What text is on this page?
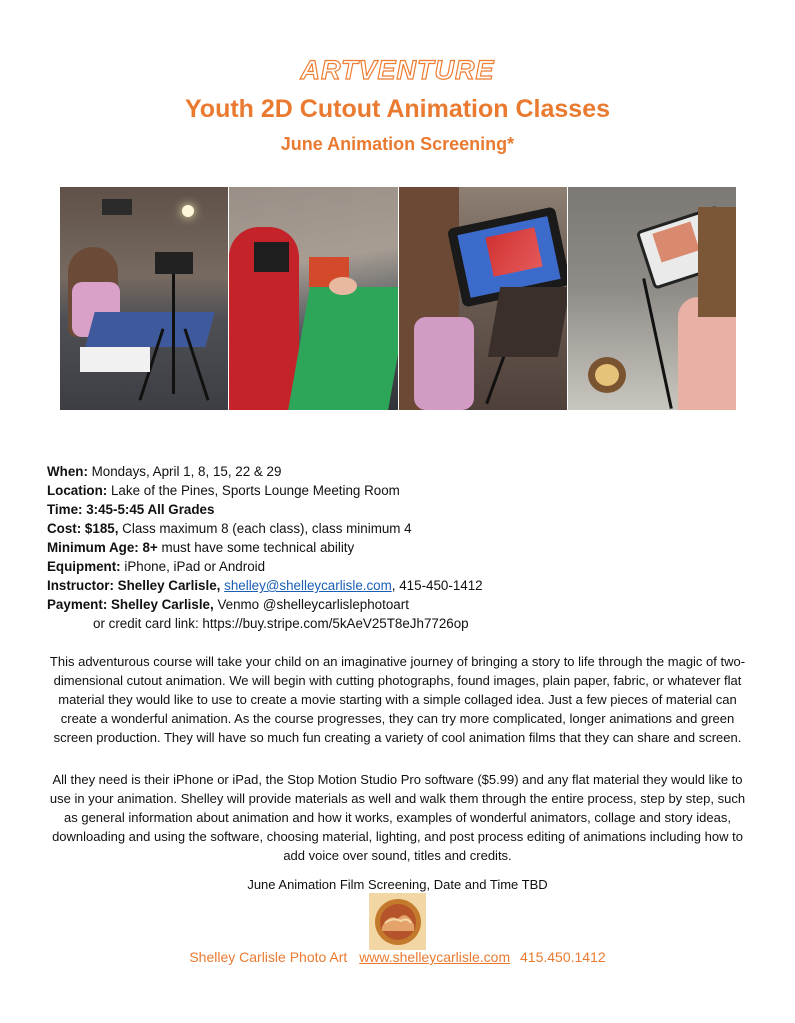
ARTVENTURE
Youth 2D Cutout Animation Classes
June Animation Screening*
When: Mondays, April 1, 8, 15, 22 & 29
Location: Lake of the Pines, Sports Lounge Meeting Room
Time: 3:45-5:45 All Grades
Cost: $185, Class maximum 8 (each class), class minimum 4
Minimum Age: 8+ must have some technical ability
Equipment: iPhone, iPad or Android
Instructor: Shelley Carlisle, shelley@shelleycarlisle.com, 415-450-1412
Payment: Shelley Carlisle, Venmo @shelleycarlislephotoart
or credit card link: https://buy.stripe.com/5kAeV25T8eJh7726op
This adventurous course will take your child on an imaginative journey of bringing a story to life through the magic of two-dimensional cutout animation. We will begin with cutting photographs, found images, plain paper, fabric, or whatever flat material they would like to use to create a movie starting with a simple collaged idea. Just a few pieces of material can create a wonderful animation. As the course progresses, they can try more complicated, longer animations and green screen production. They will have so much fun creating a variety of cool animation films that they can share and screen.
All they need is their iPhone or iPad, the Stop Motion Studio Pro software ($5.99) and any flat material they would like to use in your animation. Shelley will provide materials as well and walk them through the entire process, step by step, such as general information about animation and how it works, examples of wonderful animators, collage and story ideas, downloading and using the software, choosing material, lighting, and post process editing of animations including how to add voice over sound, titles and credits.
June Animation Film Screening, Date and Time TBD
Shelley Carlisle Photo Art www.shelleycarlisle.com 415.450.1412
